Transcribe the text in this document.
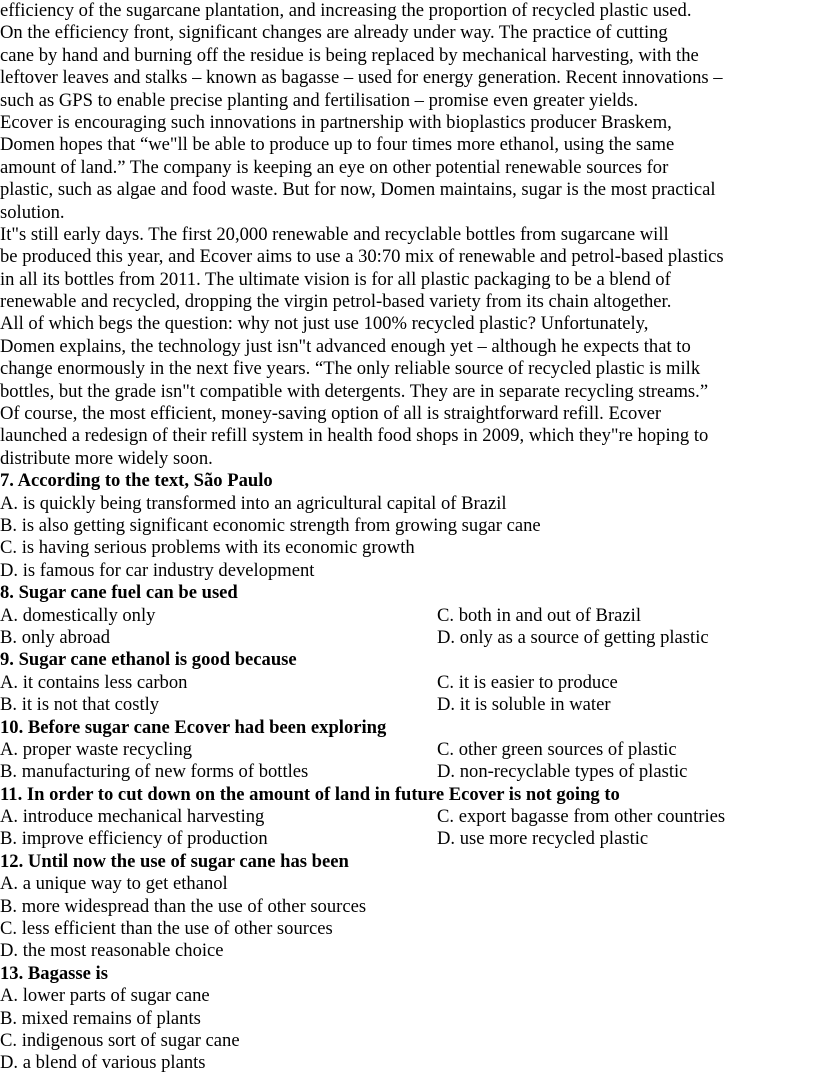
efficiency of the sugarcane plantation, and increasing the proportion of recycled plastic used.
On the efficiency front, significant changes are already under way. The practice of cutting
cane by hand and burning off the residue is being replaced by mechanical harvesting, with the
leftover leaves and stalks – known as bagasse – used for energy generation. Recent innovations –
such as GPS to enable precise planting and fertilisation – promise even greater yields.
Ecover is encouraging such innovations in partnership with bioplastics producer Braskem,
Domen hopes that “we"ll be able to produce up to four times more ethanol, using the same
amount of land.” The company is keeping an eye on other potential renewable sources for
plastic, such as algae and food waste. But for now, Domen maintains, sugar is the most practical
solution.
It"s still early days. The first 20,000 renewable and recyclable bottles from sugarcane will
be produced this year, and Ecover aims to use a 30:70 mix of renewable and petrol-based plastics
in all its bottles from 2011. The ultimate vision is for all plastic packaging to be a blend of
renewable and recycled, dropping the virgin petrol-based variety from its chain altogether.
All of which begs the question: why not just use 100% recycled plastic? Unfortunately,
Domen explains, the technology just isn"t advanced enough yet – although he expects that to
change enormously in the next five years. “The only reliable source of recycled plastic is milk
bottles, but the grade isn"t compatible with detergents. They are in separate recycling streams.”
Of course, the most efficient, money-saving option of all is straightforward refill. Ecover
launched a redesign of their refill system in health food shops in 2009, which they"re hoping to
distribute more widely soon.
7. According to the text, São Paulo
A. is quickly being transformed into an agricultural capital of Brazil
B. is also getting significant economic strength from growing sugar cane
C. is having serious problems with its economic growth
D. is famous for car industry development
8. Sugar cane fuel can be used
A. domestically only	C. both in and out of Brazil
B. only abroad	D. only as a source of getting plastic
9. Sugar cane ethanol is good because
A. it contains less carbon	C. it is easier to produce
B. it is not that costly	D. it is soluble in water
10. Before sugar cane Ecover had been exploring
A. proper waste recycling	C. other green sources of plastic
B. manufacturing of new forms of bottles	D. non-recyclable types of plastic
11. In order to cut down on the amount of land in future Ecover is not going to
A. introduce mechanical harvesting	C. export bagasse from other countries
B. improve efficiency of production	D. use more recycled plastic
12. Until now the use of sugar cane has been
A. a unique way to get ethanol
B. more widespread than the use of other sources
C. less efficient than the use of other sources
D. the most reasonable choice
13. Bagasse is
A. lower parts of sugar cane
B. mixed remains of plants
C. indigenous sort of sugar cane
D. a blend of various plants
